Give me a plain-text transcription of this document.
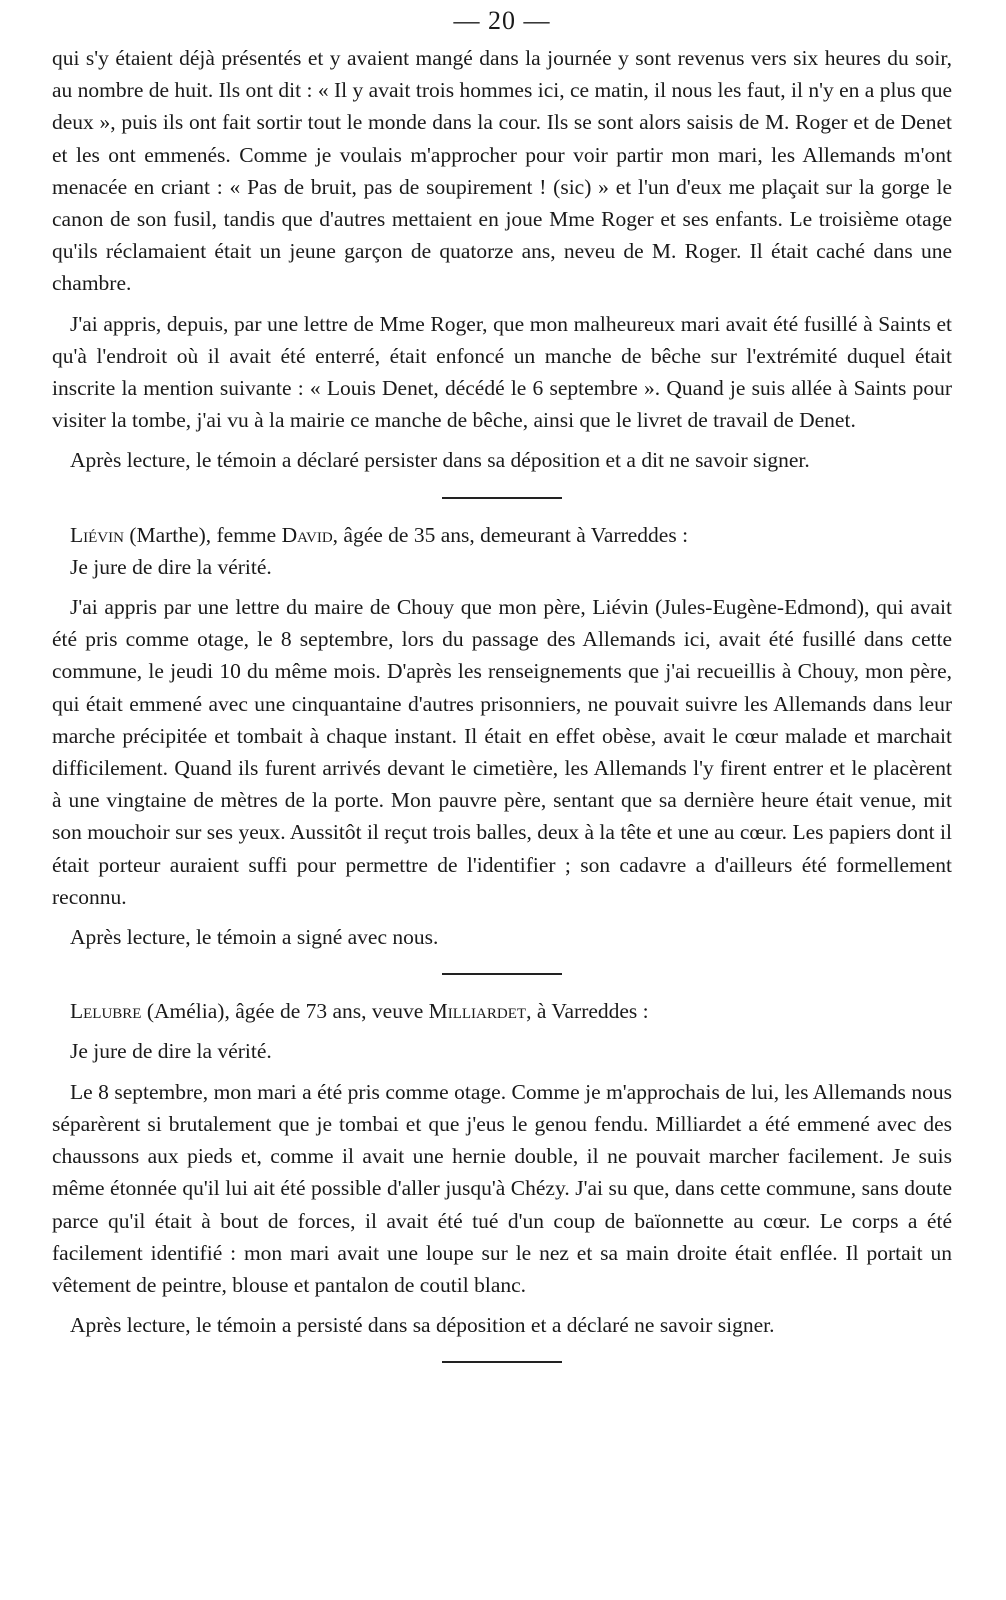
— 20 —

qui s'y étaient déjà présentés et y avaient mangé dans la journée y sont revenus vers six heures du soir, au nombre de huit. Ils ont dit : « Il y avait trois hommes ici, ce matin, il nous les faut, il n'y en a plus que deux », puis ils ont fait sortir tout le monde dans la cour. Ils se sont alors saisis de M. Roger et de Denet et les ont emmenés. Comme je voulais m'approcher pour voir partir mon mari, les Allemands m'ont menacée en criant : « Pas de bruit, pas de soupirement ! (sic) » et l'un d'eux me plaçait sur la gorge le canon de son fusil, tandis que d'autres mettaient en joue Mme Roger et ses enfants. Le troisième otage qu'ils réclamaient était un jeune garçon de quatorze ans, neveu de M. Roger. Il était caché dans une chambre.

J'ai appris, depuis, par une lettre de Mme Roger, que mon malheureux mari avait été fusillé à Saints et qu'à l'endroit où il avait été enterré, était enfoncé un manche de bêche sur l'extrémité duquel était inscrite la mention suivante : « Louis Denet, décédé le 6 septembre ». Quand je suis allée à Saints pour visiter la tombe, j'ai vu à la mairie ce manche de bêche, ainsi que le livret de travail de Denet.

Après lecture, le témoin a déclaré persister dans sa déposition et a dit ne savoir signer.

Liévin (Marthe), femme David, âgée de 35 ans, demeurant à Varreddes :

Je jure de dire la vérité.

J'ai appris par une lettre du maire de Chouy que mon père, Liévin (Jules-Eugène-Edmond), qui avait été pris comme otage, le 8 septembre, lors du passage des Allemands ici, avait été fusillé dans cette commune, le jeudi 10 du même mois. D'après les renseignements que j'ai recueillis à Chouy, mon père, qui était emmené avec une cinquantaine d'autres prisonniers, ne pouvait suivre les Allemands dans leur marche précipitée et tombait à chaque instant. Il était en effet obèse, avait le cœur malade et marchait difficilement. Quand ils furent arrivés devant le cimetière, les Allemands l'y firent entrer et le placèrent à une vingtaine de mètres de la porte. Mon pauvre père, sentant que sa dernière heure était venue, mit son mouchoir sur ses yeux. Aussitôt il reçut trois balles, deux à la tête et une au cœur. Les papiers dont il était porteur auraient suffi pour permettre de l'identifier ; son cadavre a d'ailleurs été formellement reconnu.

Après lecture, le témoin a signé avec nous.

Lelubre (Amélia), âgée de 73 ans, veuve Milliardet, à Varreddes :

Je jure de dire la vérité.

Le 8 septembre, mon mari a été pris comme otage. Comme je m'approchais de lui, les Allemands nous séparèrent si brutalement que je tombai et que j'eus le genou fendu. Milliardet a été emmené avec des chaussons aux pieds et, comme il avait une hernie double, il ne pouvait marcher facilement. Je suis même étonnée qu'il lui ait été possible d'aller jusqu'à Chézy. J'ai su que, dans cette commune, sans doute parce qu'il était à bout de forces, il avait été tué d'un coup de baïonnette au cœur. Le corps a été facilement identifié : mon mari avait une loupe sur le nez et sa main droite était enflée. Il portait un vêtement de peintre, blouse et pantalon de coutil blanc.

Après lecture, le témoin a persisté dans sa déposition et a déclaré ne savoir signer.
